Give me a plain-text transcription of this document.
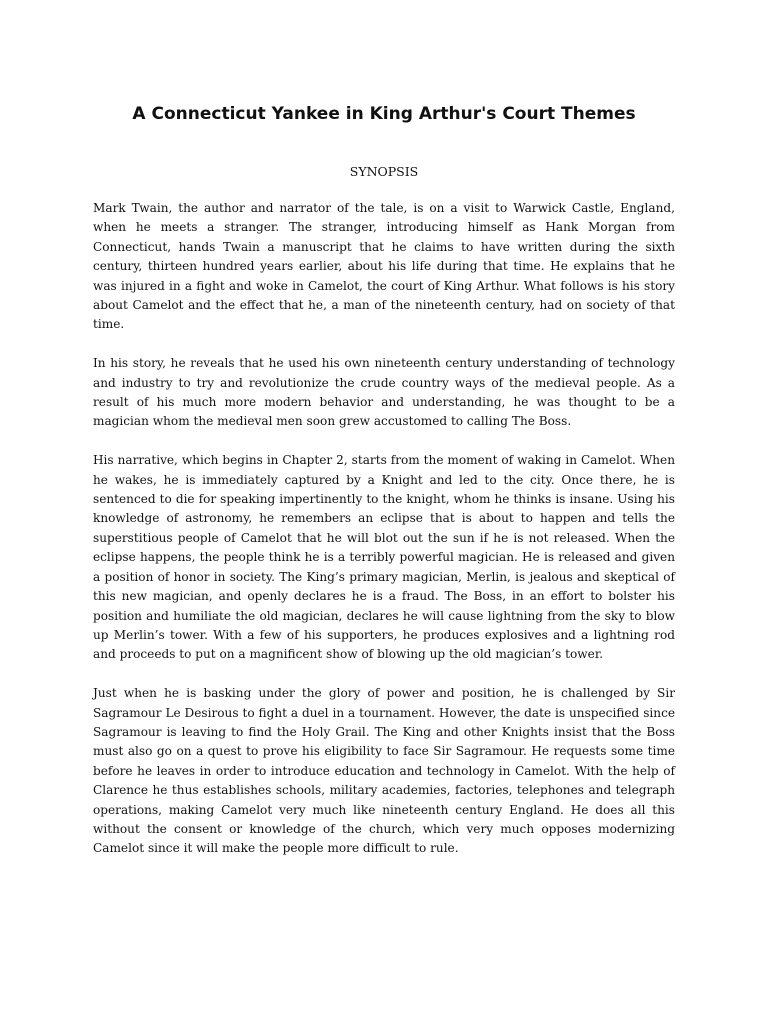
A Connecticut Yankee in King Arthur's Court Themes
SYNOPSIS

Mark Twain, the author and narrator of the tale, is on a visit to Warwick Castle, England, when he meets a stranger. The stranger, introducing himself as Hank Morgan from Connecticut, hands Twain a manuscript that he claims to have written during the sixth century, thirteen hundred years earlier, about his life during that time. He explains that he was injured in a fight and woke in Camelot, the court of King Arthur. What follows is his story about Camelot and the effect that he, a man of the nineteenth century, had on society of that time.

In his story, he reveals that he used his own nineteenth century understanding of technology and industry to try and revolutionize the crude country ways of the medieval people. As a result of his much more modern behavior and understanding, he was thought to be a magician whom the medieval men soon grew accustomed to calling The Boss.

His narrative, which begins in Chapter 2, starts from the moment of waking in Camelot. When he wakes, he is immediately captured by a Knight and led to the city. Once there, he is sentenced to die for speaking impertinently to the knight, whom he thinks is insane. Using his knowledge of astronomy, he remembers an eclipse that is about to happen and tells the superstitious people of Camelot that he will blot out the sun if he is not released. When the eclipse happens, the people think he is a terribly powerful magician. He is released and given a position of honor in society. The King’s primary magician, Merlin, is jealous and skeptical of this new magician, and openly declares he is a fraud. The Boss, in an effort to bolster his position and humiliate the old magician, declares he will cause lightning from the sky to blow up Merlin’s tower. With a few of his supporters, he produces explosives and a lightning rod and proceeds to put on a magnificent show of blowing up the old magician’s tower.

Just when he is basking under the glory of power and position, he is challenged by Sir Sagramour Le Desirous to fight a duel in a tournament. However, the date is unspecified since Sagramour is leaving to find the Holy Grail. The King and other Knights insist that the Boss must also go on a quest to prove his eligibility to face Sir Sagramour. He requests some time before he leaves in order to introduce education and technology in Camelot. With the help of Clarence he thus establishes schools, military academies, factories, telephones and telegraph operations, making Camelot very much like nineteenth century England. He does all this without the consent or knowledge of the church, which very much opposes modernizing Camelot since it will make the people more difficult to rule.
